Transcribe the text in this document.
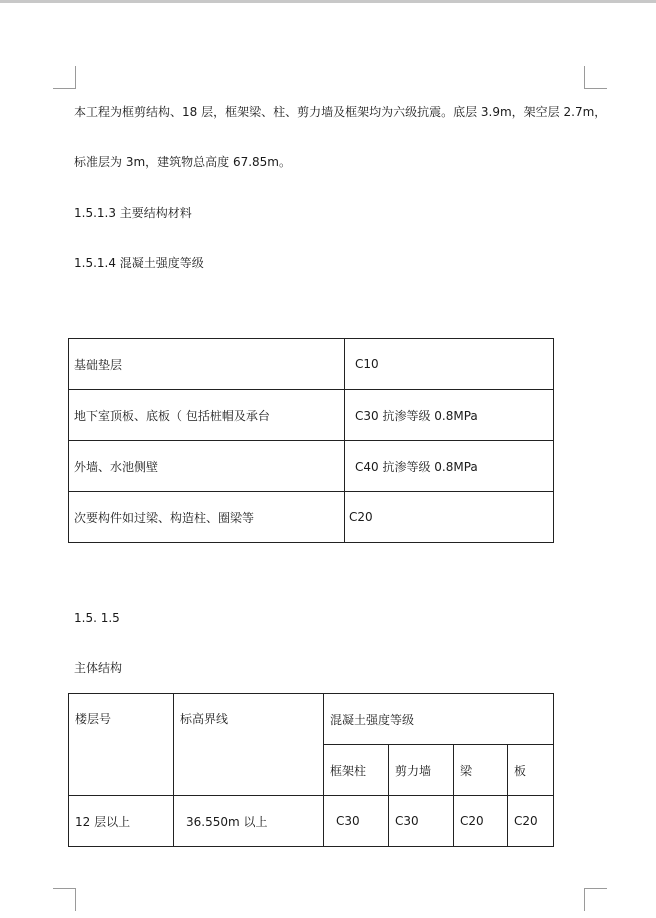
本工程为框剪结构、18 层，框架梁、柱、剪力墙及框架均为六级抗震。底层 3.9m，架空层 2.7m，
标准层为 3m，建筑物总高度 67.85m。
1.5.1.3 主要结构材料
1.5.1.4 混凝土强度等级
基础垫层	C10
地下室顶板、底板（ 包括桩帽及承台	C30 抗渗等级 0.8MPa
外墙、水池侧壁	C40 抗渗等级 0.8MPa
次要构件如过梁、构造柱、圈梁等	C20
1.5. 1.5
主体结构
楼层号	标高界线	混凝土强度等级			
		框架柱	剪力墙	梁	板
12 层以上	36.550m 以上	C30	C30	C20	C20
